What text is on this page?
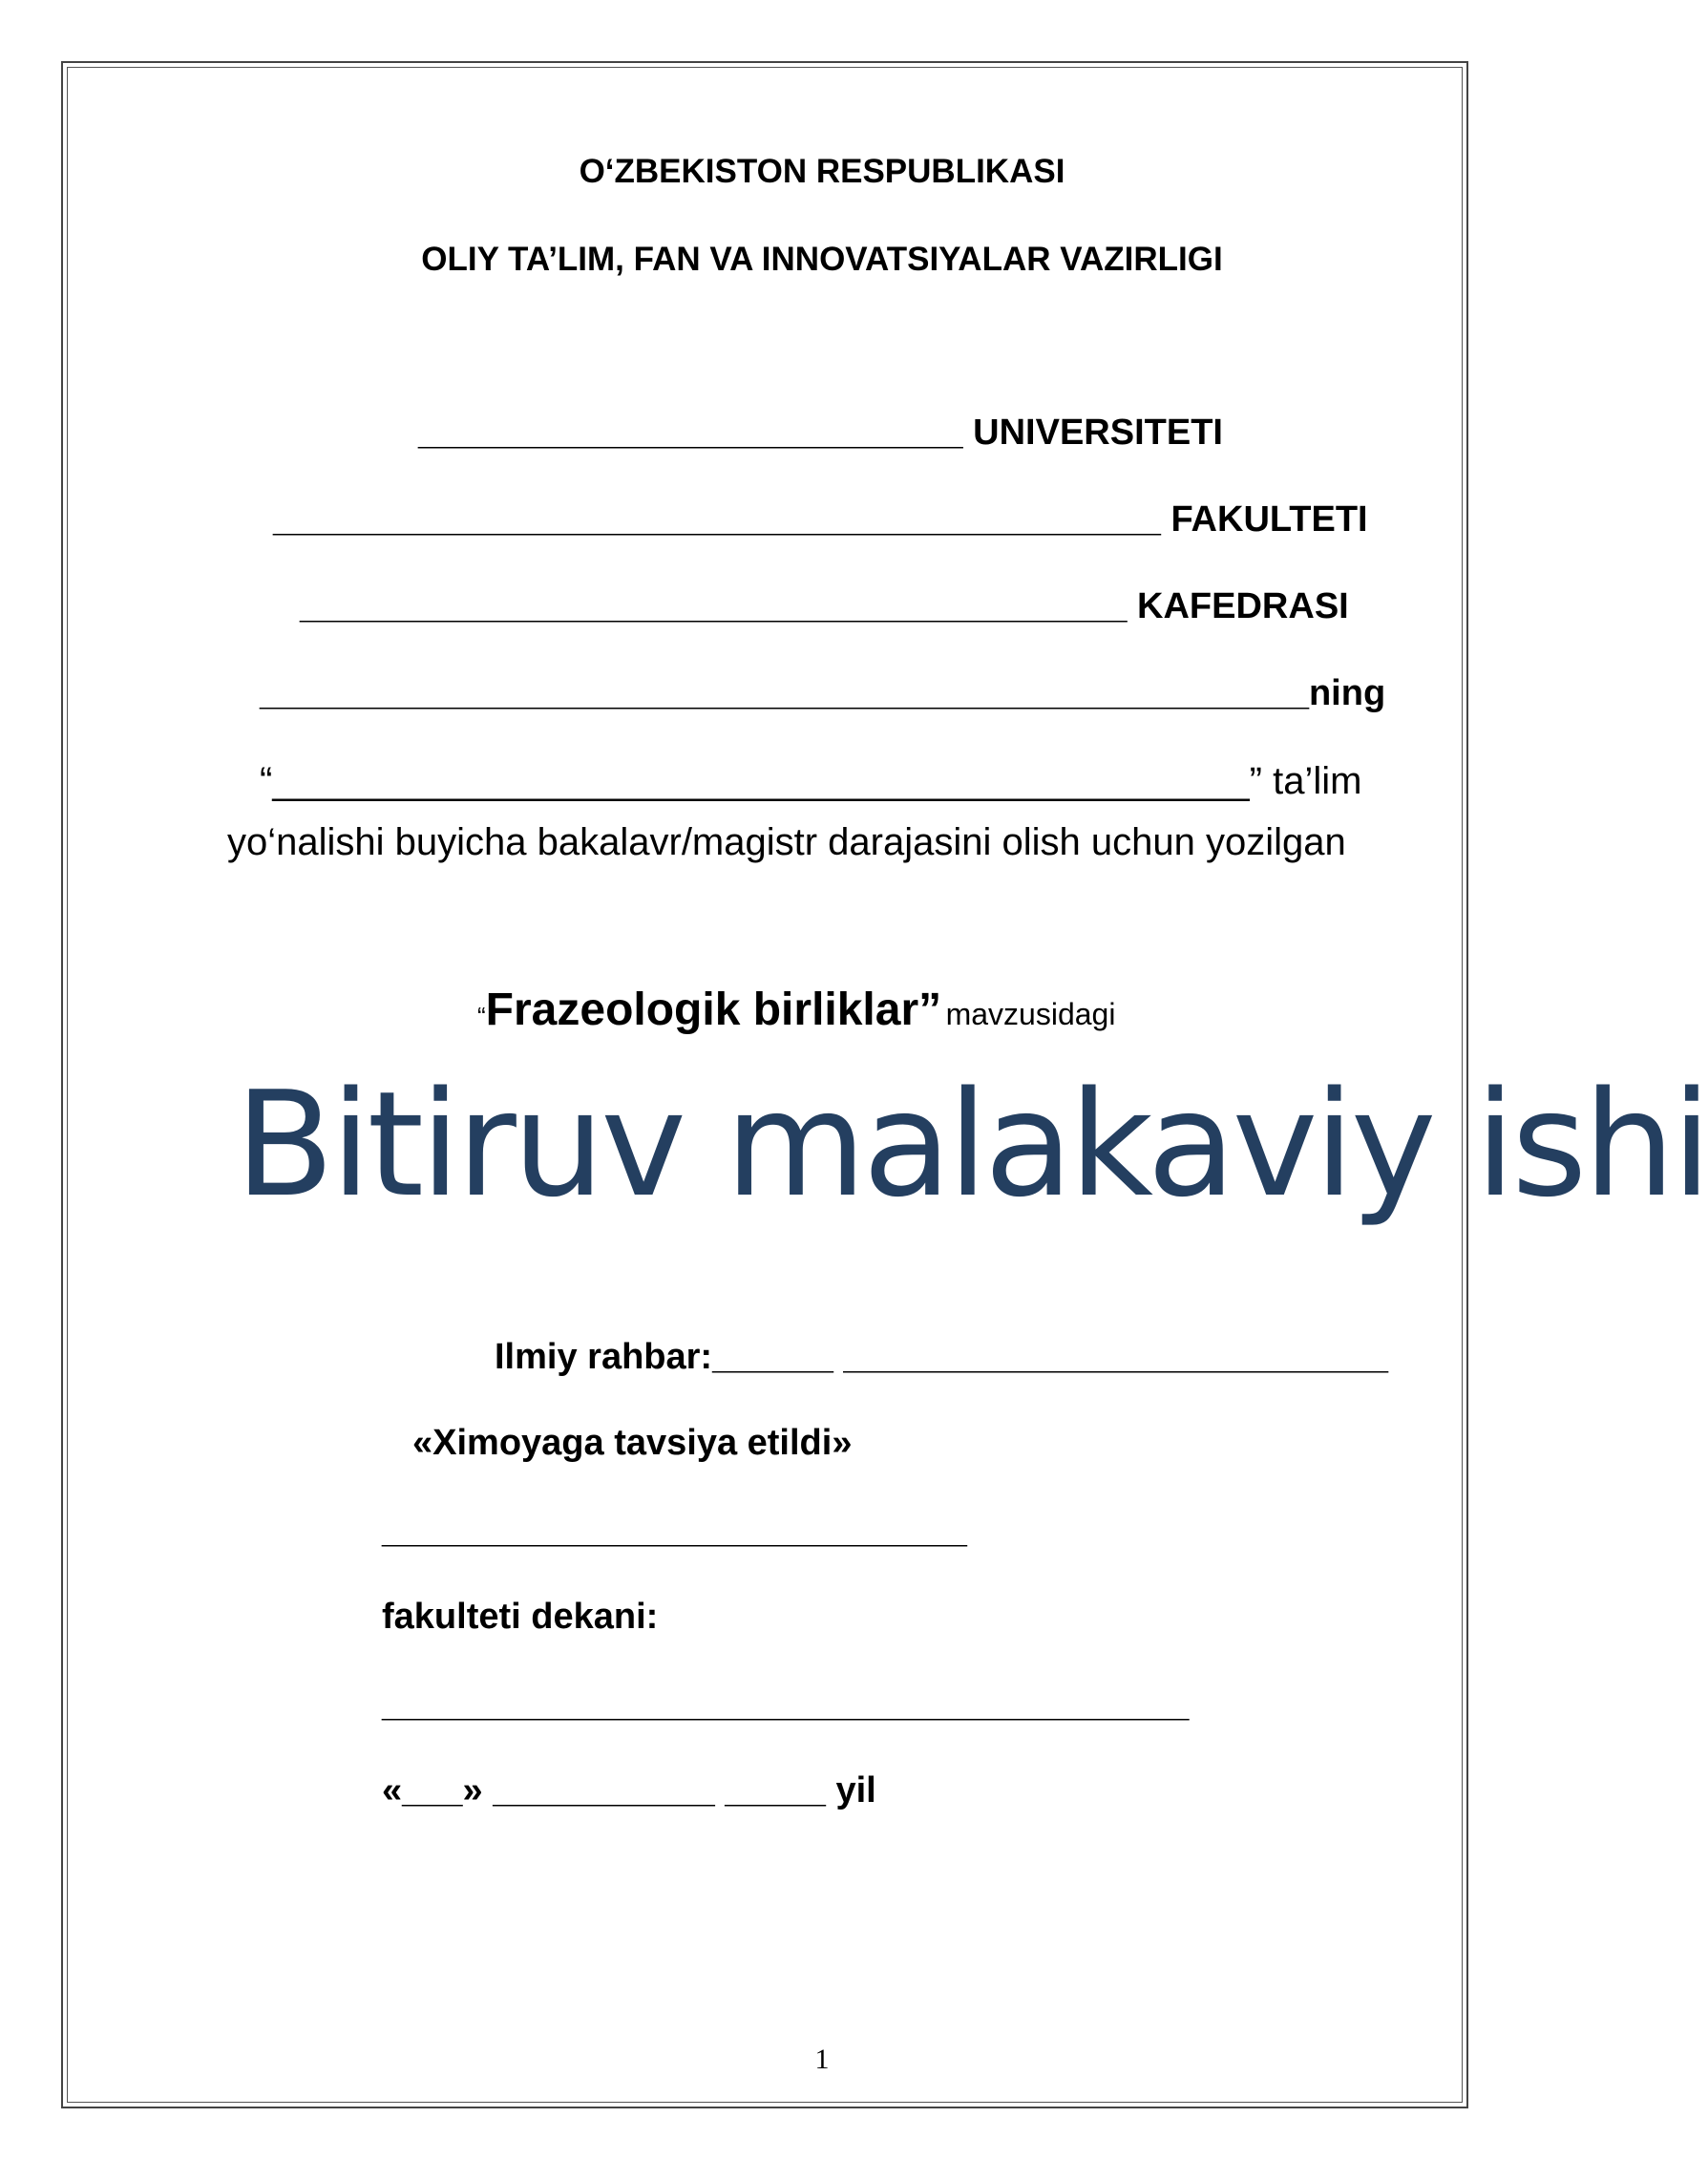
O‘ZBEKISTON RESPUBLIKASI
OLIY TA’LIM, FAN VA INNOVATSIYALAR VAZIRLIGI
___________________________ UNIVERSITETI
____________________________________________ FAKULTETI
_________________________________________ KAFEDRASI
____________________________________________________ning
“______________________________________________” ta’lim
yo‘nalishi buyicha bakalavr/magistr darajasini olish uchun yozilgan
“Frazeologik birliklar” mavzusidagi
Bitiruv malakaviy ishi
Ilmiy rahbar:______ ___________________________
«Ximoyaga tavsiya etildi»
_____________________________
fakulteti dekani:
________________________________________
«___» ___________ _____ yil
1
